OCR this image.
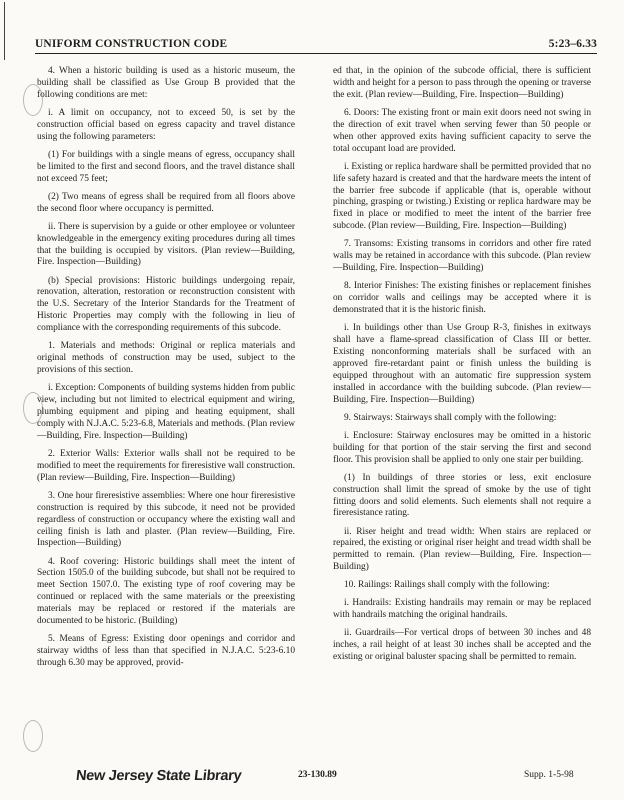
UNIFORM CONSTRUCTION CODE	5:23–6.33

4. When a historic building is used as a historic museum, the building shall be classified as Use Group B provided that the following conditions are met:

i. A limit on occupancy, not to exceed 50, is set by the construction official based on egress capacity and travel distance using the following parameters:

(1) For buildings with a single means of egress, occupancy shall be limited to the first and second floors, and the travel distance shall not exceed 75 feet;

(2) Two means of egress shall be required from all floors above the second floor where occupancy is permitted.

ii. There is supervision by a guide or other employee or volunteer knowledgeable in the emergency exiting procedures during all times that the building is occupied by visitors. (Plan review—Building, Fire. Inspection—Building)

(b) Special provisions: Historic buildings undergoing repair, renovation, alteration, restoration or reconstruction consistent with the U.S. Secretary of the Interior Standards for the Treatment of Historic Properties may comply with the following in lieu of compliance with the corresponding requirements of this subcode.

1. Materials and methods: Original or replica materials and original methods of construction may be used, subject to the provisions of this section.

i. Exception: Components of building systems hidden from public view, including but not limited to electrical equipment and wiring, plumbing equipment and piping and heating equipment, shall comply with N.J.A.C. 5:23-6.8, Materials and methods. (Plan review—Building, Fire. Inspection—Building)

2. Exterior Walls: Exterior walls shall not be required to be modified to meet the requirements for fireresistive wall construction. (Plan review—Building, Fire. Inspection—Building)

3. One hour fireresistive assemblies: Where one hour fireresistive construction is required by this subcode, it need not be provided regardless of construction or occupancy where the existing wall and ceiling finish is lath and plaster. (Plan review—Building, Fire. Inspection—Building)

4. Roof covering: Historic buildings shall meet the intent of Section 1505.0 of the building subcode, but shall not be required to meet Section 1507.0. The existing type of roof covering may be continued or replaced with the same materials or the preexisting materials may be replaced or restored if the materials are documented to be historic. (Building)

5. Means of Egress: Existing door openings and corridor and stairway widths of less than that specified in N.J.A.C. 5:23-6.10 through 6.30 may be approved, provid-

ed that, in the opinion of the subcode official, there is sufficient width and height for a person to pass through the opening or traverse the exit. (Plan review—Building, Fire. Inspection—Building)

6. Doors: The existing front or main exit doors need not swing in the direction of exit travel when serving fewer than 50 people or when other approved exits having sufficient capacity to serve the total occupant load are provided.

i. Existing or replica hardware shall be permitted provided that no life safety hazard is created and that the hardware meets the intent of the barrier free subcode if applicable (that is, operable without pinching, grasping or twisting.) Existing or replica hardware may be fixed in place or modified to meet the intent of the barrier free subcode. (Plan review—Building, Fire. Inspection—Building)

7. Transoms: Existing transoms in corridors and other fire rated walls may be retained in accordance with this subcode. (Plan review—Building, Fire. Inspection—Building)

8. Interior Finishes: The existing finishes or replacement finishes on corridor walls and ceilings may be accepted where it is demonstrated that it is the historic finish.

i. In buildings other than Use Group R-3, finishes in exitways shall have a flame-spread classification of Class III or better. Existing nonconforming materials shall be surfaced with an approved fire-retardant paint or finish unless the building is equipped throughout with an automatic fire suppression system installed in accordance with the building subcode. (Plan review—Building, Fire. Inspection—Building)

9. Stairways: Stairways shall comply with the following:

i. Enclosure: Stairway enclosures may be omitted in a historic building for that portion of the stair serving the first and second floor. This provision shall be applied to only one stair per building.

(1) In buildings of three stories or less, exit enclosure construction shall limit the spread of smoke by the use of tight fitting doors and solid elements. Such elements shall not require a fireresistance rating.

ii. Riser height and tread width: When stairs are replaced or repaired, the existing or original riser height and tread width shall be permitted to remain. (Plan review—Building, Fire. Inspection—Building)

10. Railings: Railings shall comply with the following:

i. Handrails: Existing handrails may remain or may be replaced with handrails matching the original handrails.

ii. Guardrails—For vertical drops of between 30 inches and 48 inches, a rail height of at least 30 inches shall be accepted and the existing or original baluster spacing shall be permitted to remain.

New Jersey State Library	23-130.89	Supp. 1-5-98
